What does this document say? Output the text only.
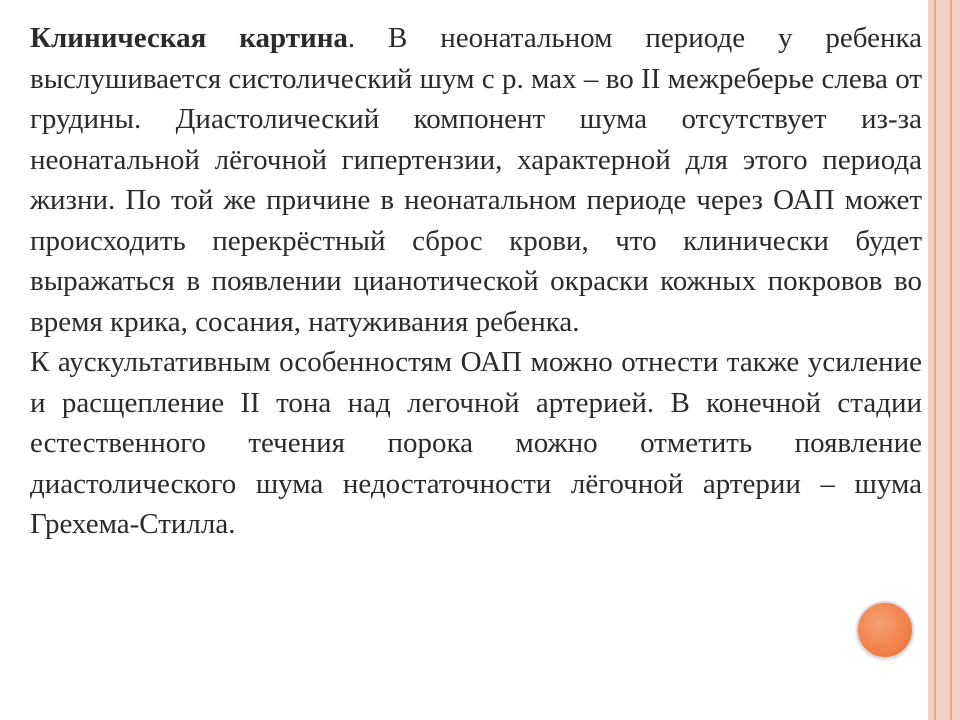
Клиническая картина. В неонатальном периоде у ребенка выслушивается систолический шум с р. мах – во II межреберье слева от грудины. Диастолический компонент шума отсутствует из-за неонатальной лёгочной гипертензии, характерной для этого периода жизни. По той же причине в неонатальном периоде через ОАП может происходить перекрёстный сброс крови, что клинически будет выражаться в появлении цианотической окраски кожных покровов во время крика, сосания, натуживания ребенка.

К аускультативным особенностям ОАП можно отнести также усиление и расщепление II тона над легочной артерией. В конечной стадии естественного течения порока можно отметить появление диастолического шума недостаточности лёгочной артерии – шума Грехема-Стилла.
